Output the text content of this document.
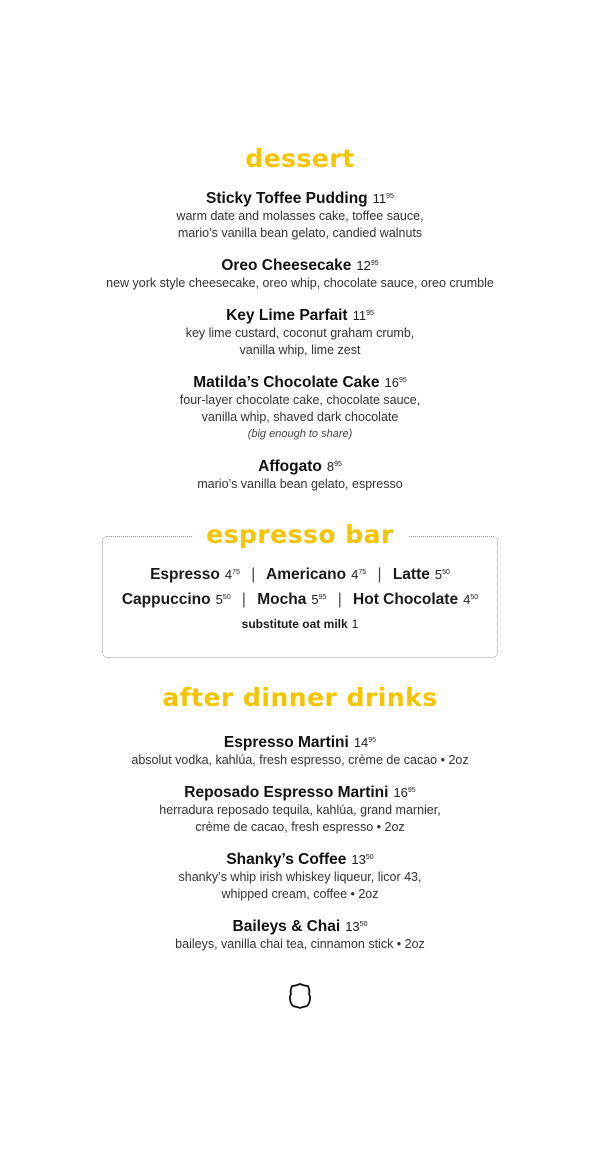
dessert
Sticky Toffee Pudding $11^{95}$
warm date and molasses cake, toffee sauce,
mario’s vanilla bean gelato, candied walnuts
Oreo Cheesecake $12^{95}$
new york style cheesecake, oreo whip, chocolate sauce, oreo crumble
Key Lime Parfait $11^{95}$
key lime custard, coconut graham crumb,
vanilla whip, lime zest
Matilda’s Chocolate Cake $16^{95}$
four-layer chocolate cake, chocolate sauce,
vanilla whip, shaved dark chocolate
(big enough to share)
Affogato $8^{95}$
mario’s vanilla bean gelato, espresso
espresso bar
Espresso $4^{75}$ | Americano $4^{75}$ | Latte $5^{50}$
Cappuccino $5^{50}$ | Mocha $5^{95}$ | Hot Chocolate $4^{50}$
substitute oat milk 1
after dinner drinks
Espresso Martini $14^{95}$
absolut vodka, kahlúa, fresh espresso, crème de cacao • 2oz
Reposado Espresso Martini $16^{95}$
herradura reposado tequila, kahlúa, grand marnier,
crème de cacao, fresh espresso • 2oz
Shanky’s Coffee $13^{50}$
shanky’s whip irish whiskey liqueur, licor 43,
whipped cream, coffee • 2oz
Baileys & Chai $13^{50}$
baileys, vanilla chai tea, cinnamon stick • 2oz
